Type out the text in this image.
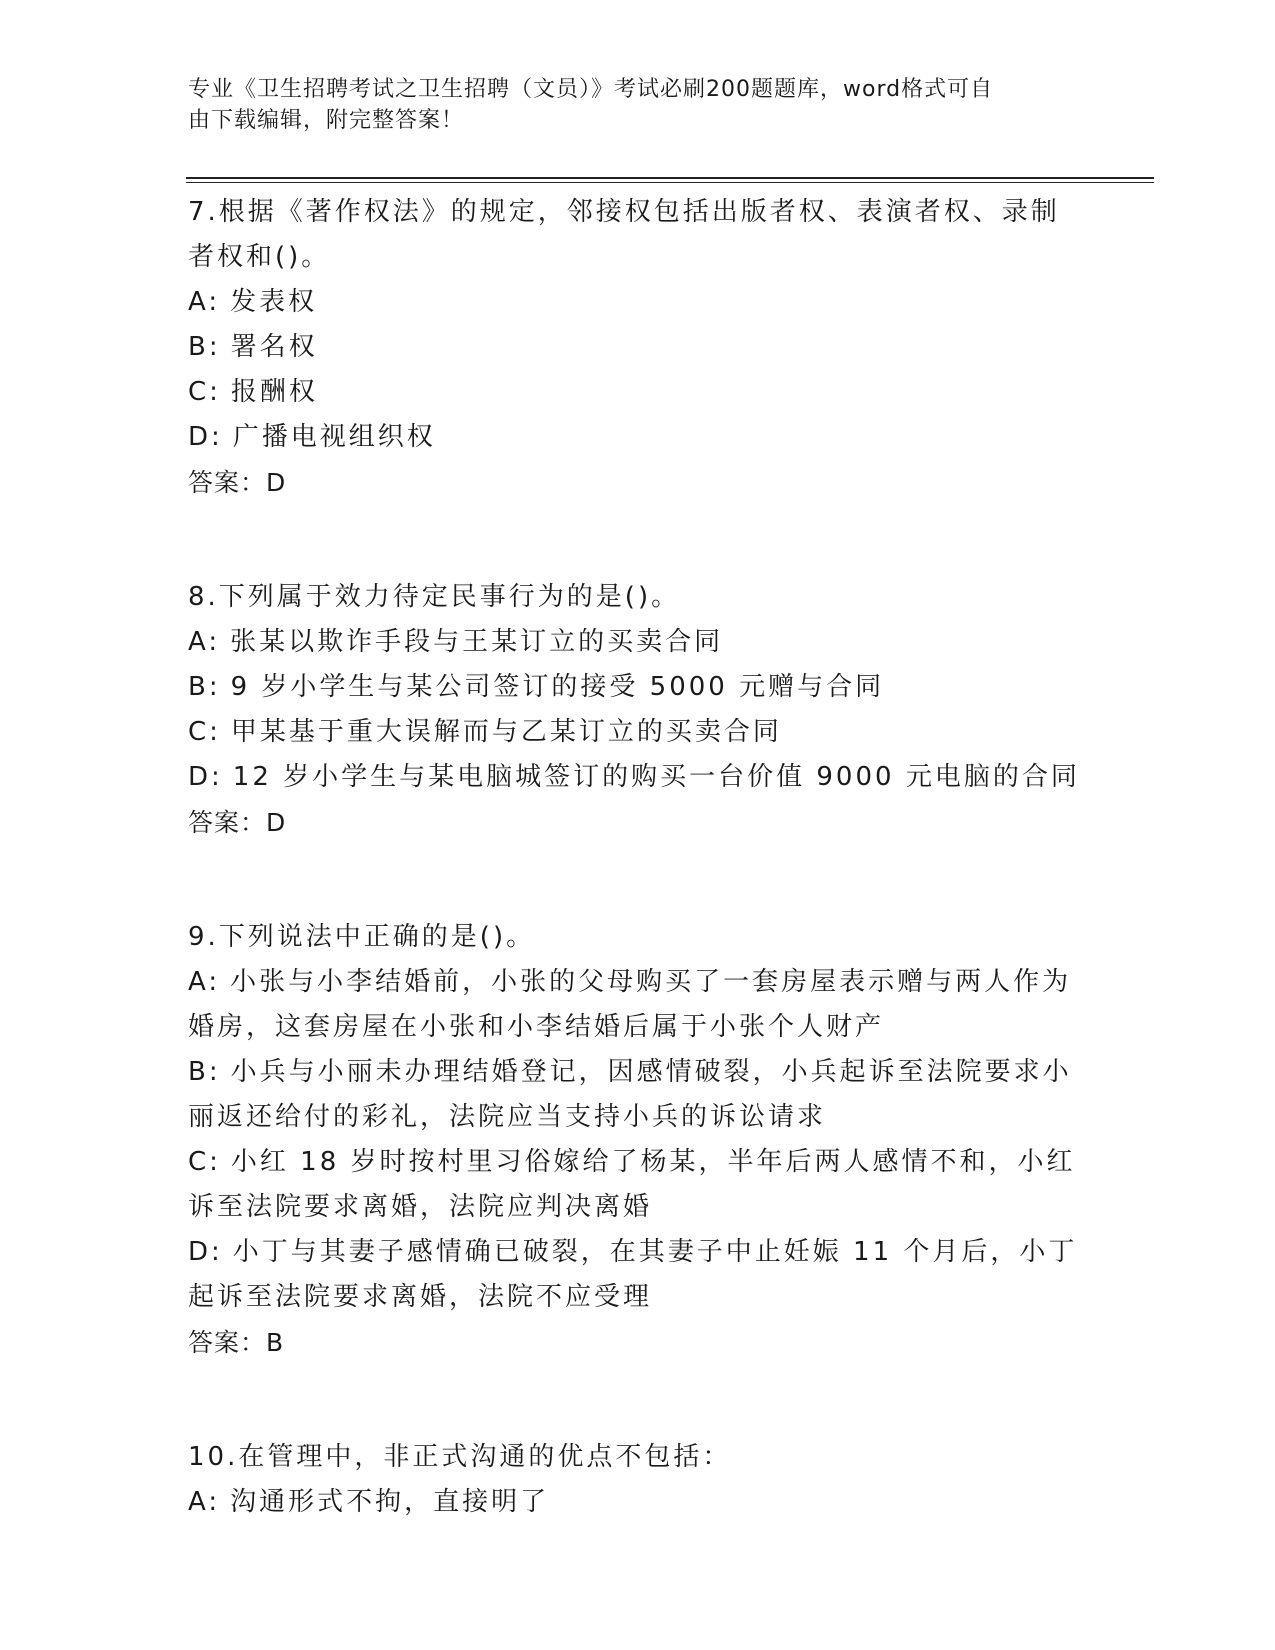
专业《卫生招聘考试之卫生招聘（文员）》考试必刷200题题库，word格式可自
由下载编辑，附完整答案！
7.根据《著作权法》的规定，邻接权包括出版者权、表演者权、录制
者权和()。
A: 发表权
B: 署名权
C: 报酬权
D: 广播电视组织权
答案：D
8.下列属于效力待定民事行为的是()。
A: 张某以欺诈手段与王某订立的买卖合同
B: 9 岁小学生与某公司签订的接受 5000 元赠与合同
C: 甲某基于重大误解而与乙某订立的买卖合同
D: 12 岁小学生与某电脑城签订的购买一台价值 9000 元电脑的合同
答案：D
9.下列说法中正确的是()。
A: 小张与小李结婚前，小张的父母购买了一套房屋表示赠与两人作为
婚房，这套房屋在小张和小李结婚后属于小张个人财产
B: 小兵与小丽未办理结婚登记，因感情破裂，小兵起诉至法院要求小
丽返还给付的彩礼，法院应当支持小兵的诉讼请求
C: 小红 18 岁时按村里习俗嫁给了杨某，半年后两人感情不和，小红
诉至法院要求离婚，法院应判决离婚
D: 小丁与其妻子感情确已破裂，在其妻子中止妊娠 11 个月后，小丁
起诉至法院要求离婚，法院不应受理
答案：B
10.在管理中，非正式沟通的优点不包括：
A: 沟通形式不拘，直接明了
